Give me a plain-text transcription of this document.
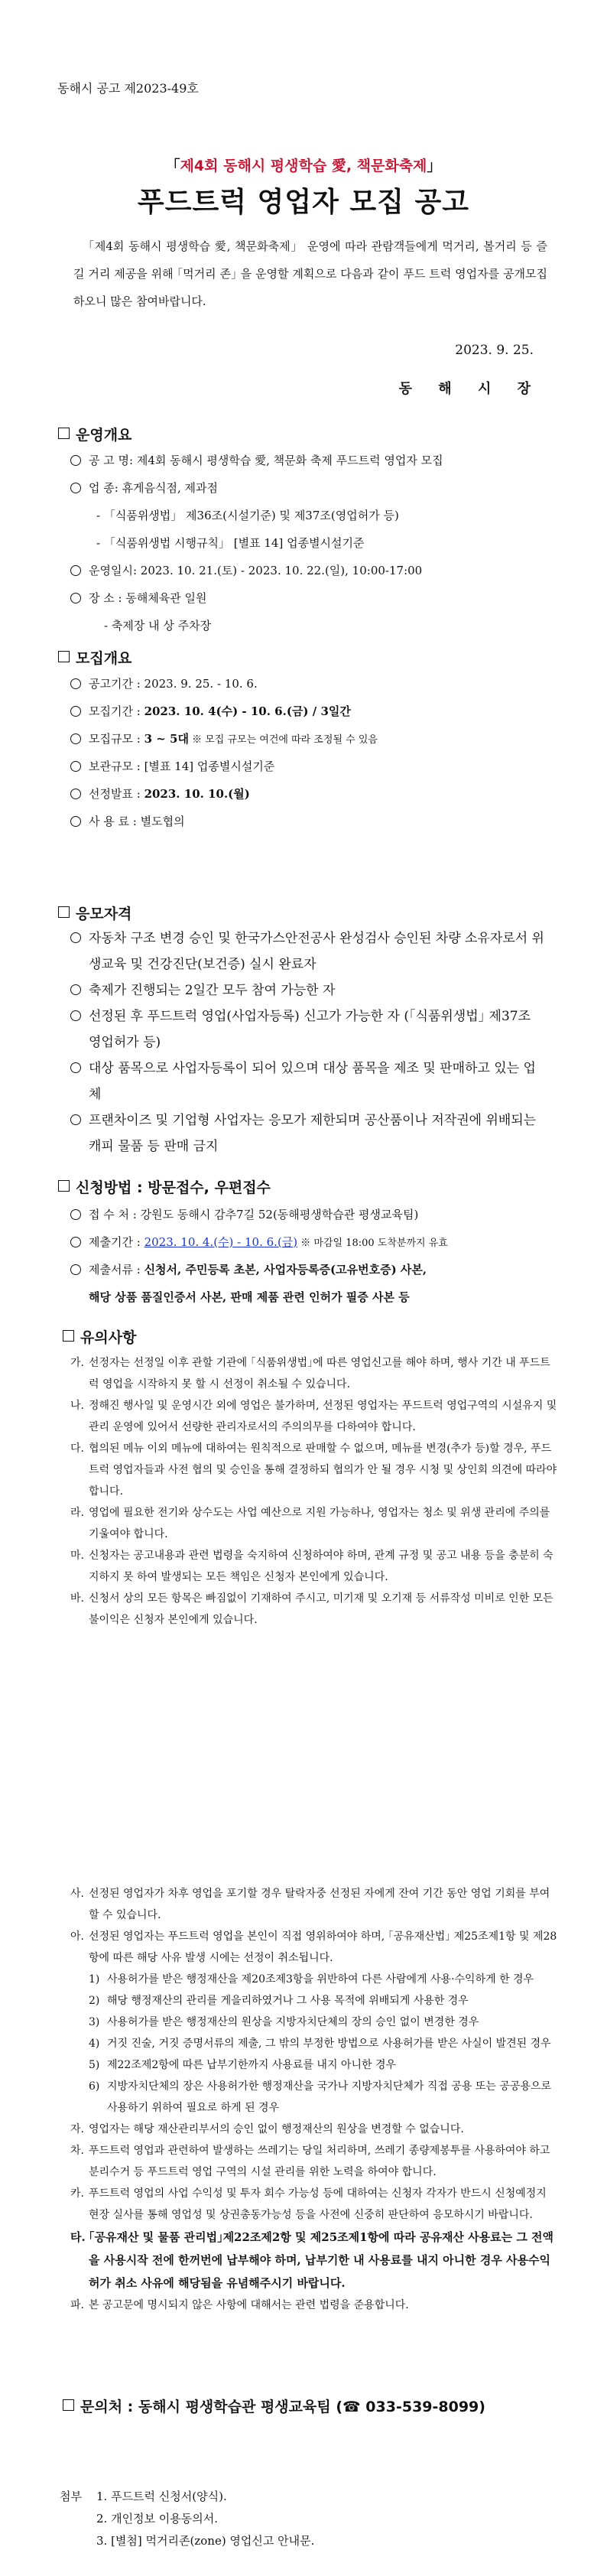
동해시 공고 제2023-49호
「제4회 동해시 평생학습 愛, 책문화축제」
푸드트럭 영업자 모집 공고
「제4회 동해시 평생학습 愛, 책문화축제」 운영에 따라 관람객들에게 먹거리, 볼거리 등 즐길 거리 제공을 위해 ｢먹거리 존｣ 을 운영할 계획으로 다음과 같이 푸드 트럭 영업자를 공개모집하오니 많은 참여바랍니다.
2023. 9. 25.
동 해 시 장
운영개요
공 고 명: 제4회 동해시 평생학습 愛, 책문화 축제 푸드트럭 영업자 모집
업 종: 휴게음식점, 제과점
- 「식품위생법」 제36조(시설기준) 및 제37조(영업허가 등)
- 「식품위생법 시행규칙」 [별표 14] 업종별시설기준
운영일시: 2023. 10. 21.(토) - 2023. 10. 22.(일), 10:00-17:00
장 소 : 동해체육관 일원
- 축제장 내 상 주차장
모집개요
공고기간 : 2023. 9. 25. - 10. 6.
모집기간 : 2023. 10. 4(수) - 10. 6.(금) / 3일간
모집규모 : 3 ~ 5대 ※ 모집 규모는 여건에 따라 조정될 수 있음
보관규모 : [별표 14] 업종별시설기준
선정발표 : 2023. 10. 10.(월)
사 용 료 : 별도협의
응모자격
자동차 구조 변경 승인 및 한국가스안전공사 완성검사 승인된 차량 소유자로서 위생교육 및 건강진단(보건증) 실시 완료자
축제가 진행되는 2일간 모두 참여 가능한 자
선정된 후 푸드트럭 영업(사업자등록) 신고가 가능한 자 (｢식품위생법｣ 제37조 영업허가 등)
대상 품목으로 사업자등록이 되어 있으며 대상 품목을 제조 및 판매하고 있는 업체
프랜차이즈 및 기업형 사업자는 응모가 제한되며 공산품이나 저작권에 위배되는 캐피 물품 등 판매 금지
신청방법 : 방문접수, 우편접수
접 수 처 : 강원도 동해시 감추7길 52(동해평생학습관 평생교육팀)
제출기간 : 2023. 10. 4.(수) - 10. 6.(금) ※ 마감일 18:00 도착분까지 유효
제출서류 : 신청서, 주민등록 초본, 사업자등록증(고유번호증) 사본,
해당 상품 품질인증서 사본, 판매 제품 관련 인허가 필증 사본 등
유의사항
가. 선정자는 선정일 이후 관할 기관에 ｢식품위생법｣에 따른 영업신고를 해야 하며, 행사 기간 내 푸드트럭 영업을 시작하지 못 할 시 선정이 취소될 수 있습니다.
나. 정해진 행사일 및 운영시간 외에 영업은 불가하며, 선정된 영업자는 푸드트럭 영업구역의 시설유지 및 관리 운영에 있어서 선량한 관리자로서의 주의의무를 다하여야 합니다.
다. 협의된 메뉴 이외 메뉴에 대하여는 원칙적으로 판매할 수 없으며, 메뉴를 변경(추가 등)할 경우, 푸드트럭 영업자들과 사전 협의 및 승인을 통해 결정하되 협의가 안 될 경우 시청 및 상인회 의견에 따라야 합니다.
라. 영업에 필요한 전기와 상수도는 사업 예산으로 지원 가능하나, 영업자는 청소 및 위생 관리에 주의를 기울여야 합니다.
마. 신청자는 공고내용과 관련 법령을 숙지하여 신청하여야 하며, 관계 규정 및 공고 내용 등을 충분히 숙지하지 못 하여 발생되는 모든 책임은 신청자 본인에게 있습니다.
바. 신청서 상의 모든 항목은 빠짐없이 기재하여 주시고, 미기재 및 오기재 등 서류작성 미비로 인한 모든 불이익은 신청자 본인에게 있습니다.
사. 선정된 영업자가 차후 영업을 포기할 경우 탈락자중 선정된 자에게 잔여 기간 동안 영업 기회를 부여할 수 있습니다.
아. 선정된 영업자는 푸드트럭 영업을 본인이 직접 영위하여야 하며, ｢공유재산법｣ 제25조제1항 및 제28항에 따른 해당 사유 발생 시에는 선정이 취소됩니다.
1) 사용허가를 받은 행정재산을 제20조제3항을 위반하여 다른 사람에게 사용·수익하게 한 경우
2) 해당 행정재산의 관리를 게을리하였거나 그 사용 목적에 위배되게 사용한 경우
3) 사용허가를 받은 행정재산의 원상을 지방자치단체의 장의 승인 없이 변경한 경우
4) 거짓 진술, 거짓 증명서류의 제출, 그 밖의 부정한 방법으로 사용허가를 받은 사실이 발견된 경우
5) 제22조제2항에 따른 납부기한까지 사용료를 내지 아니한 경우
6) 지방자치단체의 장은 사용허가한 행정재산을 국가나 지방자치단체가 직접 공용 또는 공공용으로 사용하기 위하여 필요로 하게 된 경우
자. 영업자는 해당 재산관리부서의 승인 없이 행정재산의 원상을 변경할 수 없습니다.
차. 푸드트럭 영업과 관련하여 발생하는 쓰레기는 당일 처리하며, 쓰레기 종량제봉투를 사용하여야 하고 분리수거 등 푸드트럭 영업 구역의 시설 관리를 위한 노력을 하여야 합니다.
카. 푸드트럭 영업의 사업 수익성 및 투자 회수 가능성 등에 대하여는 신청자 각자가 반드시 신청예정지 현장 실사를 통해 영업성 및 상권총동가능성 등을 사전에 신중히 판단하여 응모하시기 바랍니다.
타. ｢공유재산 및 물품 관리법｣제22조제2항 및 제25조제1항에 따라 공유재산 사용료는 그 전액을 사용시작 전에 한꺼번에 납부해야 하며, 납부기한 내 사용료를 내지 아니한 경우 사용수익 허가 취소 사유에 해당됨을 유념해주시기 바랍니다.
파. 본 공고문에 명시되지 않은 사항에 대해서는 관련 법령을 준용합니다.
문의처 : 동해시 평생학습관 평생교육팀 (☎ 033-539-8099)
첨부	1. 푸드트럭 신청서(양식).
2. 개인정보 이용동의서.
3. [별첨] 먹거리존(zone) 영업신고 안내문.
